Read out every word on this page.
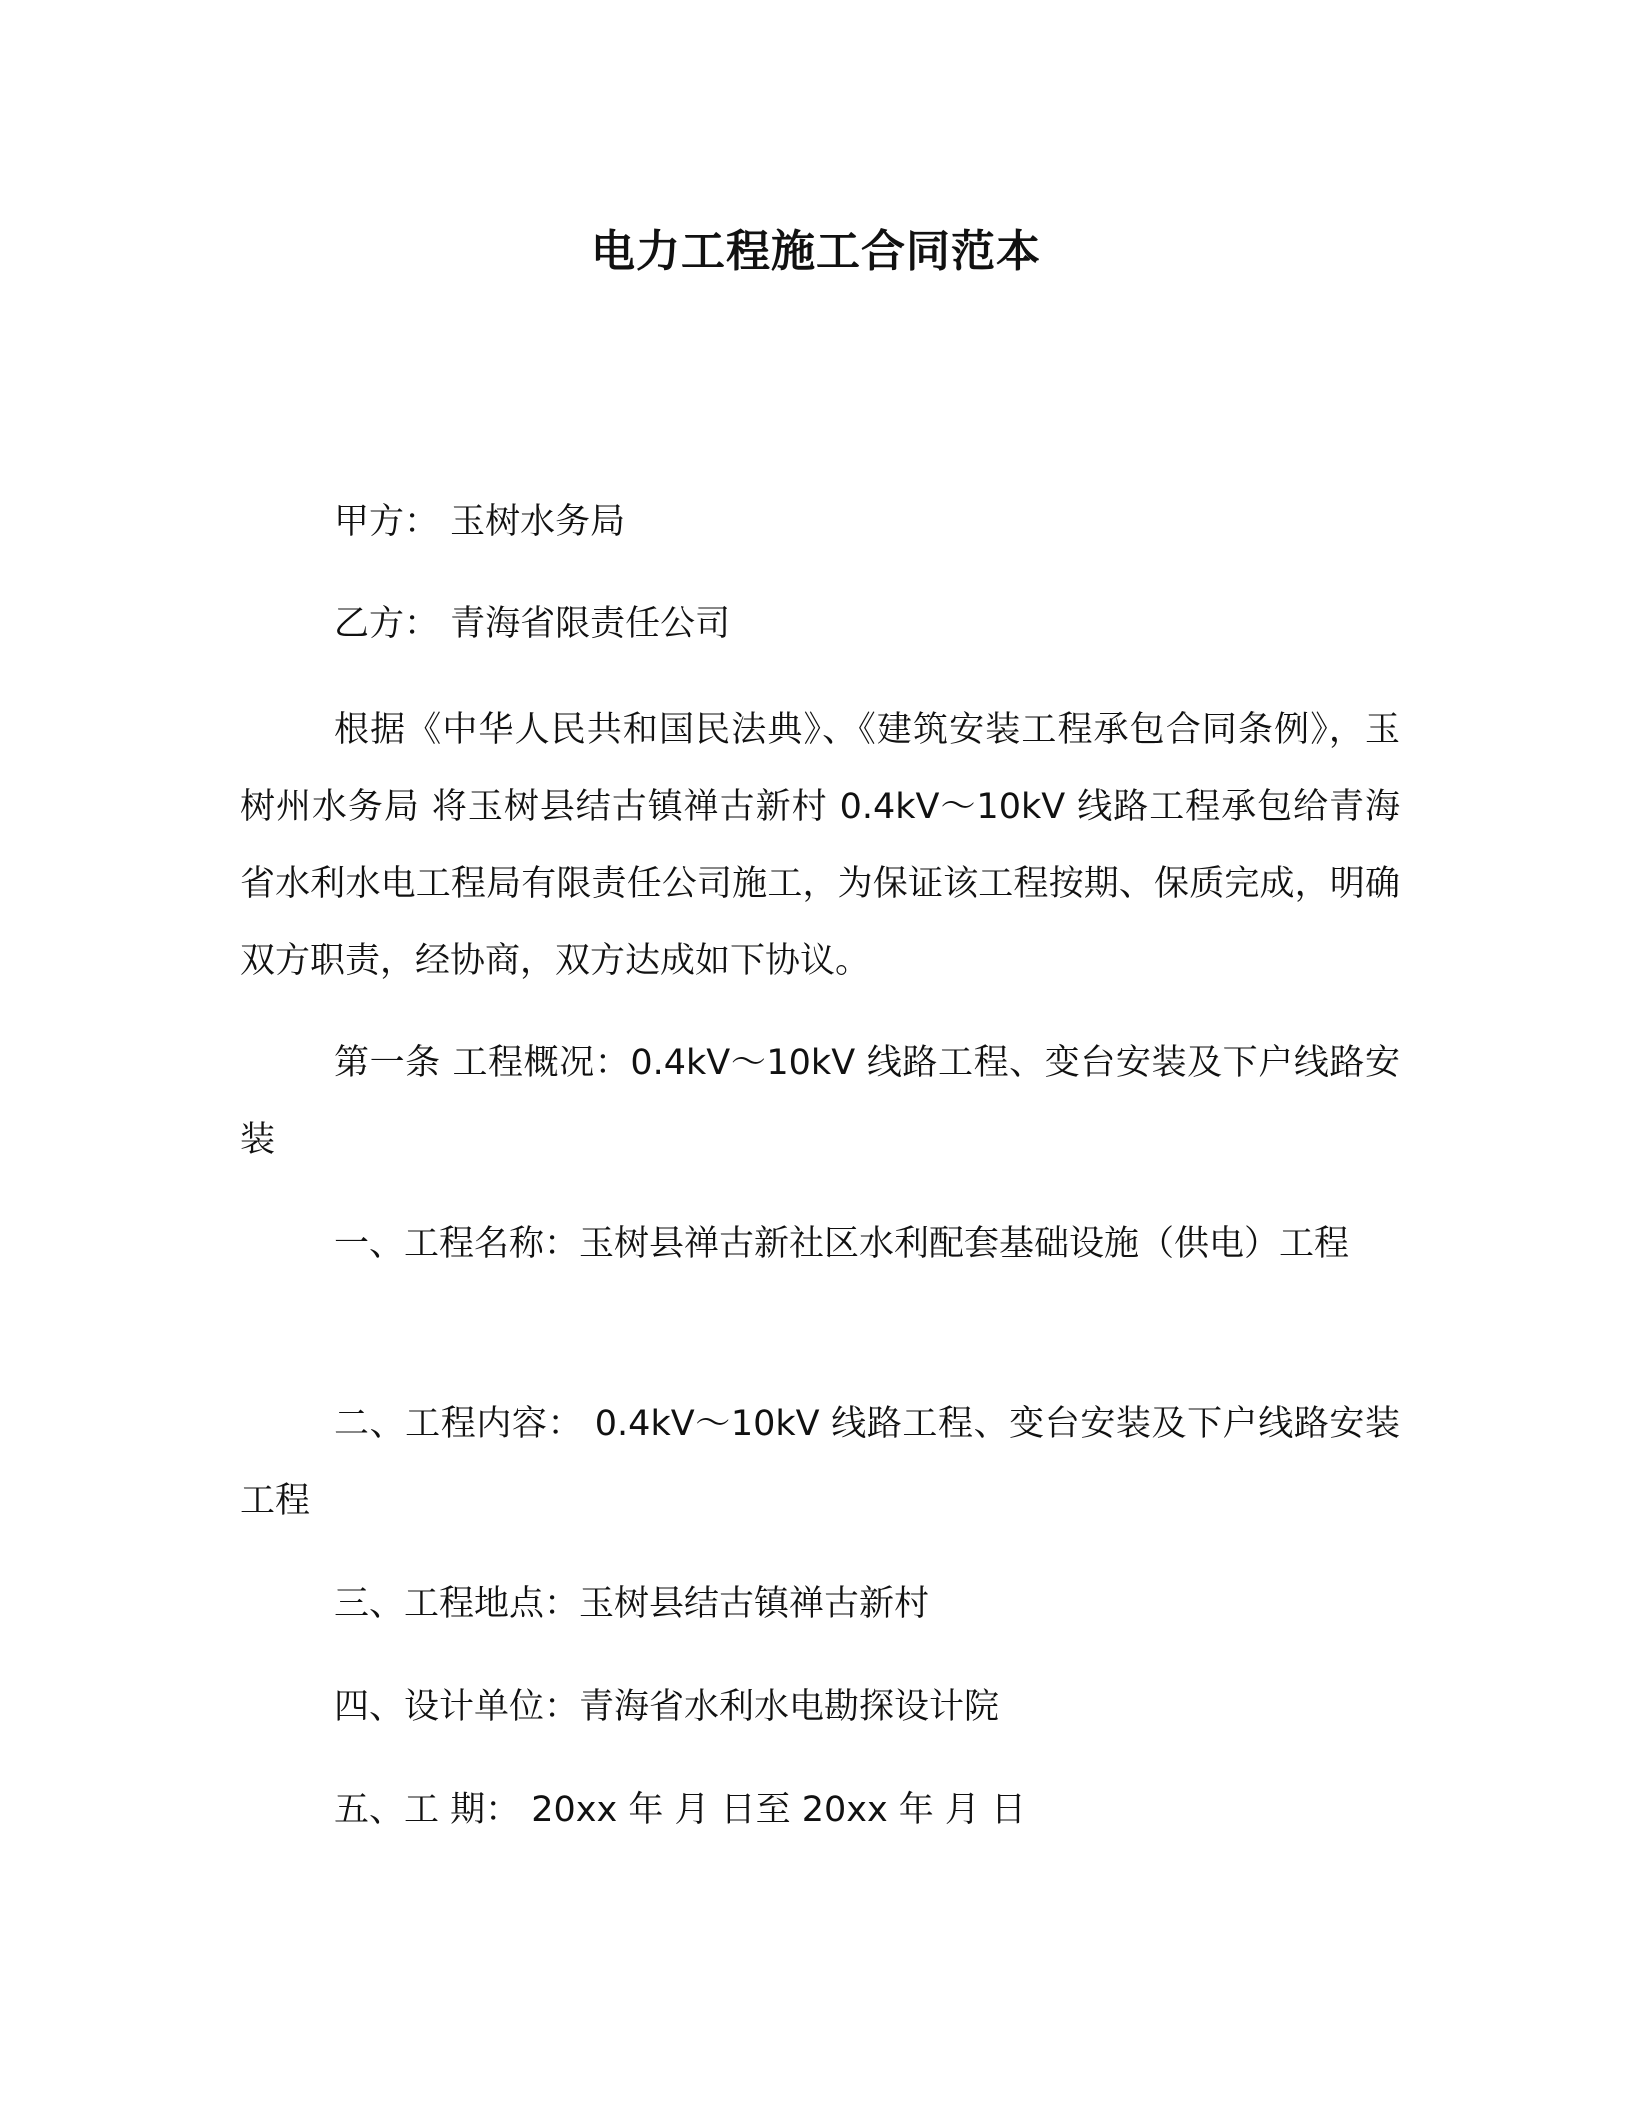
电力工程施工合同范本
甲方： 玉树水务局
乙方： 青海省限责任公司
根据《中华人民共和国民法典》、《建筑安装工程承包合同条例》，玉树州水务局 将玉树县结古镇禅古新村 0.4kV～10kV 线路工程承包给青海省水利水电工程局有限责任公司施工，为保证该工程按期、保质完成，明确双方职责，经协商，双方达成如下协议。
第一条 工程概况：0.4kV～10kV 线路工程、变台安装及下户线路安装
一、工程名称：玉树县禅古新社区水利配套基础设施（供电）工程
二、工程内容： 0.4kV～10kV 线路工程、变台安装及下户线路安装工程
三、工程地点：玉树县结古镇禅古新村
四、设计单位：青海省水利水电勘探设计院
五、工 期： 20xx 年 月 日至 20xx 年 月 日
